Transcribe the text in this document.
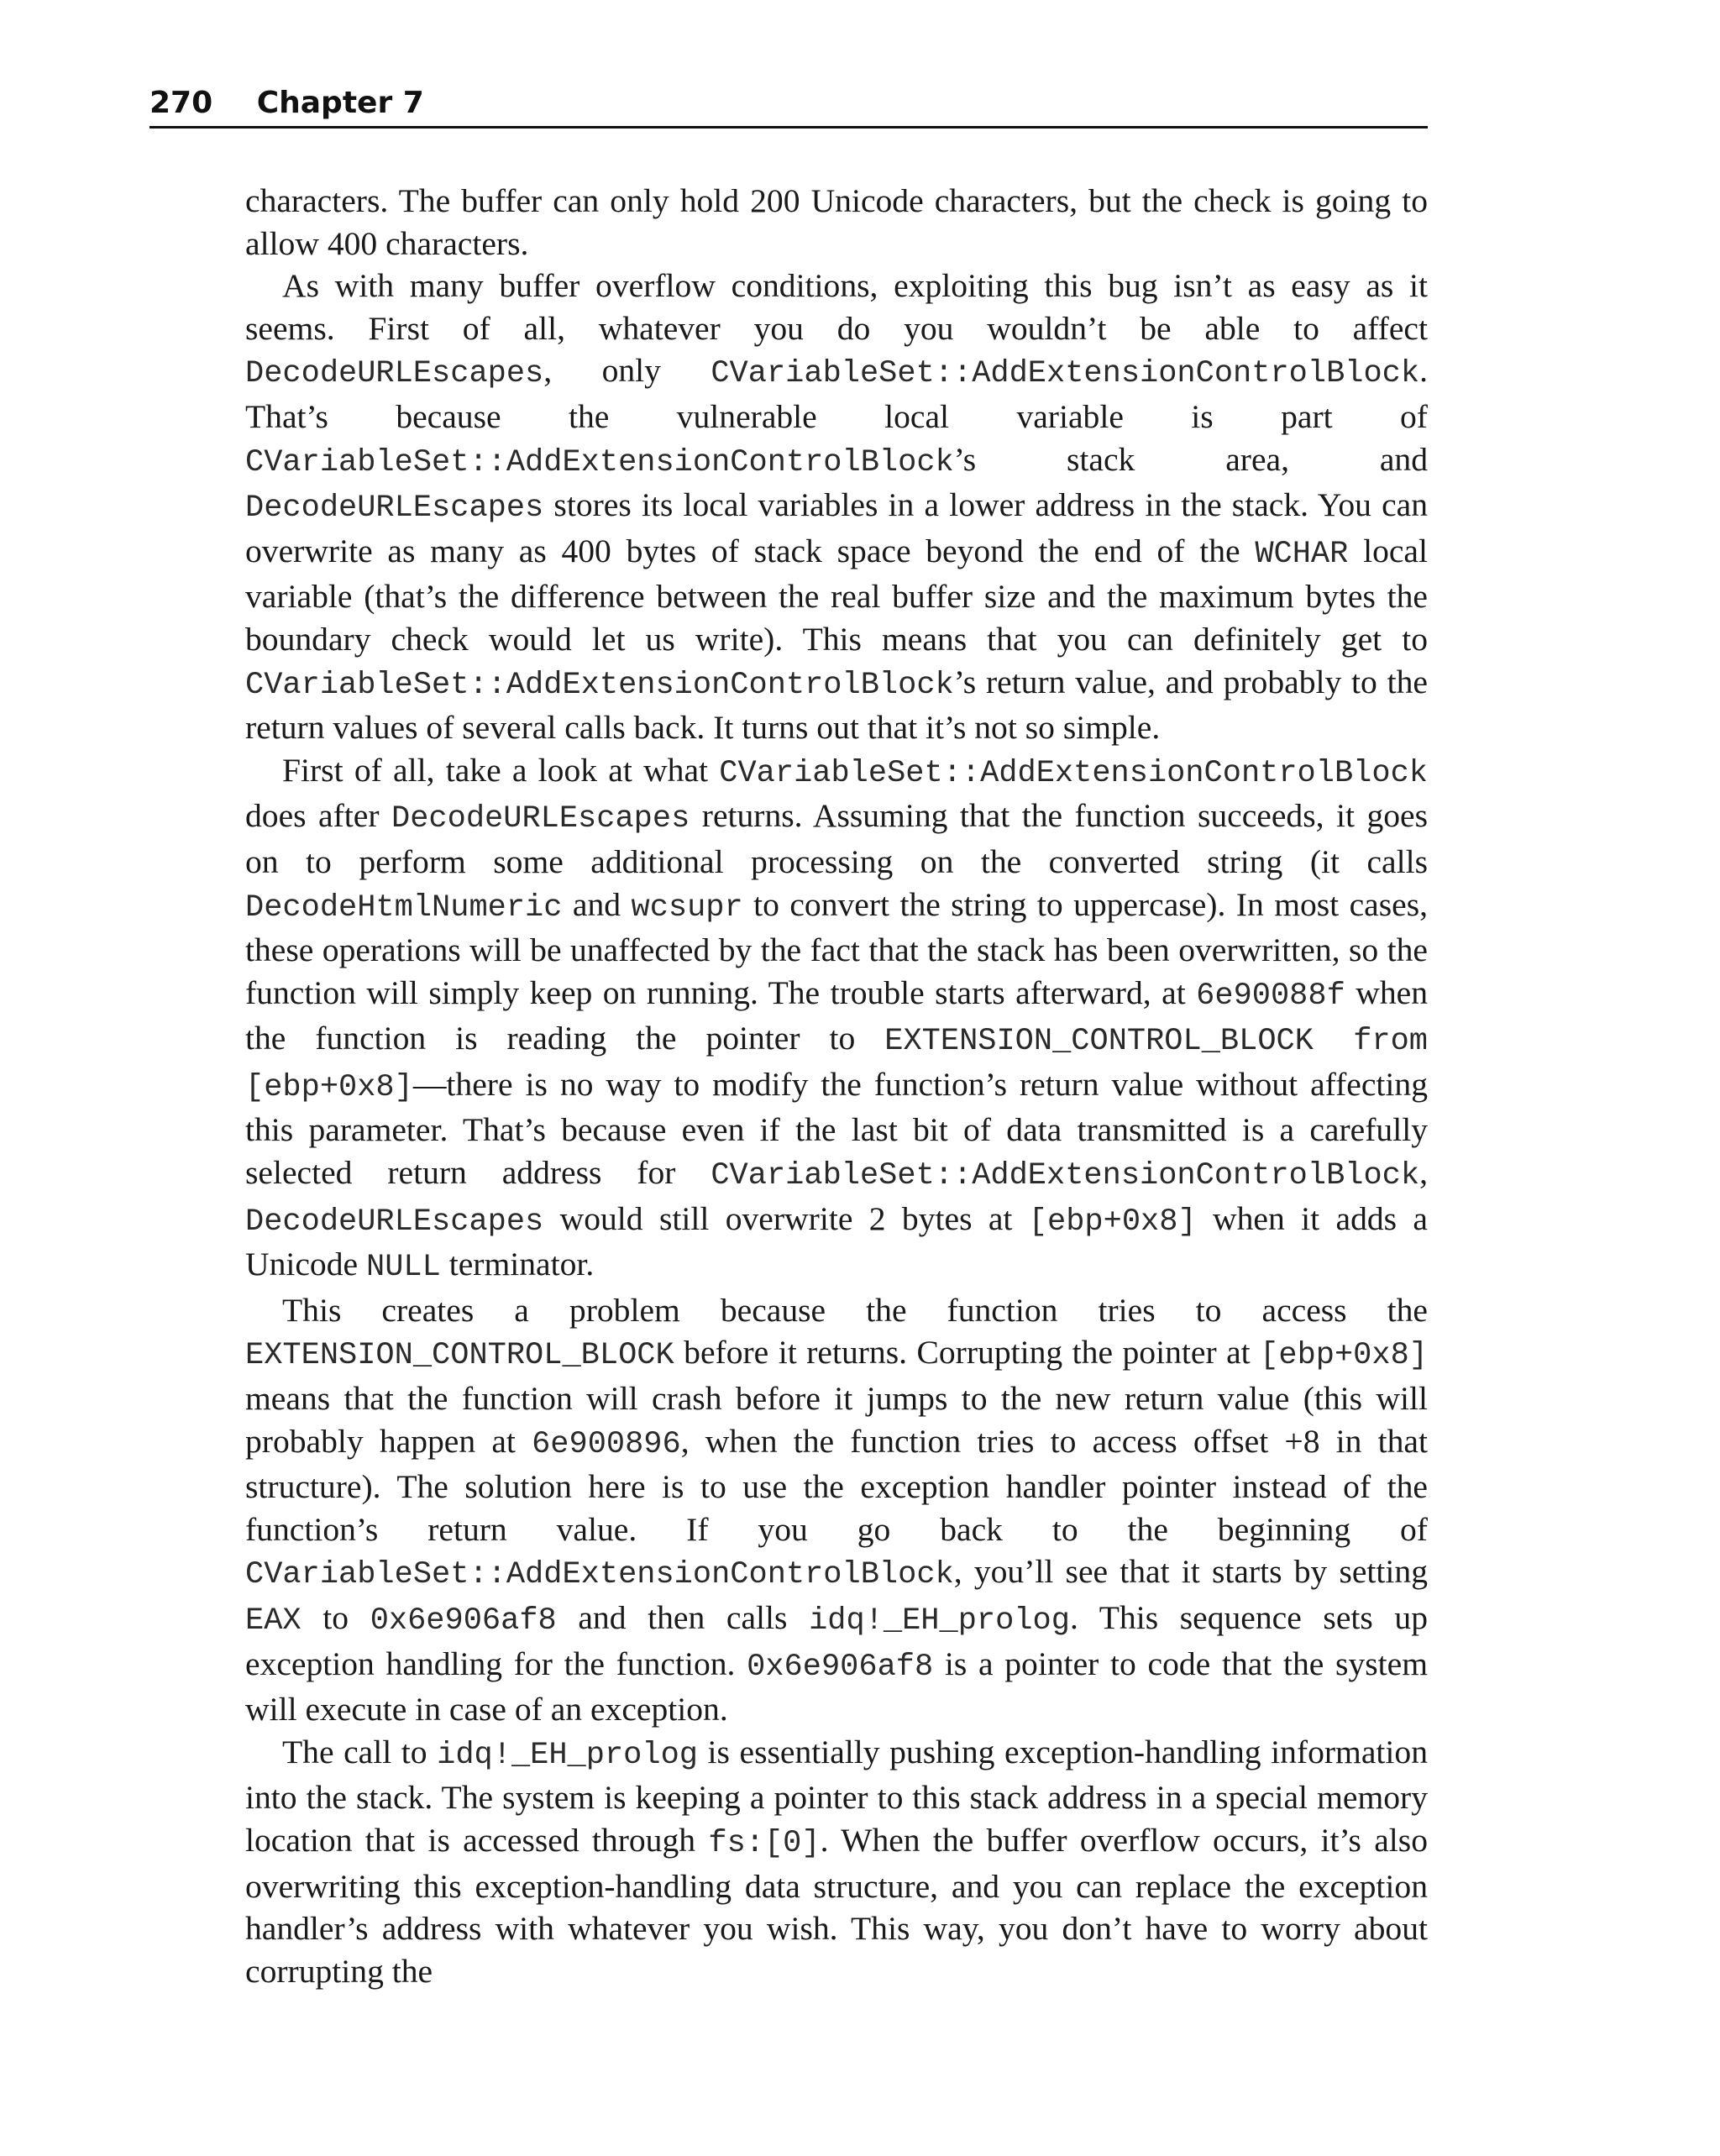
270 Chapter 7

characters. The buffer can only hold 200 Unicode characters, but the check is going to allow 400 characters.

As with many buffer overflow conditions, exploiting this bug isn’t as easy as it seems. First of all, whatever you do you wouldn’t be able to affect DecodeURLEscapes, only CVariableSet::AddExtensionControlBlock. That’s because the vulnerable local variable is part of CVariableSet::AddExtensionControlBlock’s stack area, and DecodeURLEscapes stores its local variables in a lower address in the stack. You can overwrite as many as 400 bytes of stack space beyond the end of the WCHAR local variable (that’s the difference between the real buffer size and the maximum bytes the boundary check would let us write). This means that you can definitely get to CVariableSet::AddExtensionControlBlock’s return value, and probably to the return values of several calls back. It turns out that it’s not so simple.

First of all, take a look at what CVariableSet::AddExtensionControlBlock does after DecodeURLEscapes returns. Assuming that the function succeeds, it goes on to perform some additional processing on the converted string (it calls DecodeHtmlNumeric and wcsupr to convert the string to uppercase). In most cases, these operations will be unaffected by the fact that the stack has been overwritten, so the function will simply keep on running. The trouble starts afterward, at 6e90088f when the function is reading the pointer to EXTENSION_CONTROL_BLOCK from [ebp+0x8]—there is no way to modify the function’s return value without affecting this parameter. That’s because even if the last bit of data transmitted is a carefully selected return address for CVariableSet::AddExtensionControlBlock, DecodeURLEscapes would still overwrite 2 bytes at [ebp+0x8] when it adds a Unicode NULL terminator.

This creates a problem because the function tries to access the EXTENSION_CONTROL_BLOCK before it returns. Corrupting the pointer at [ebp+0x8] means that the function will crash before it jumps to the new return value (this will probably happen at 6e900896, when the function tries to access offset +8 in that structure). The solution here is to use the exception handler pointer instead of the function’s return value. If you go back to the beginning of CVariableSet::AddExtensionControlBlock, you’ll see that it starts by setting EAX to 0x6e906af8 and then calls idq!_EH_prolog. This sequence sets up exception handling for the function. 0x6e906af8 is a pointer to code that the system will execute in case of an exception.

The call to idq!_EH_prolog is essentially pushing exception-handling information into the stack. The system is keeping a pointer to this stack address in a special memory location that is accessed through fs:[0]. When the buffer overflow occurs, it’s also overwriting this exception-handling data structure, and you can replace the exception handler’s address with whatever you wish. This way, you don’t have to worry about corrupting the
